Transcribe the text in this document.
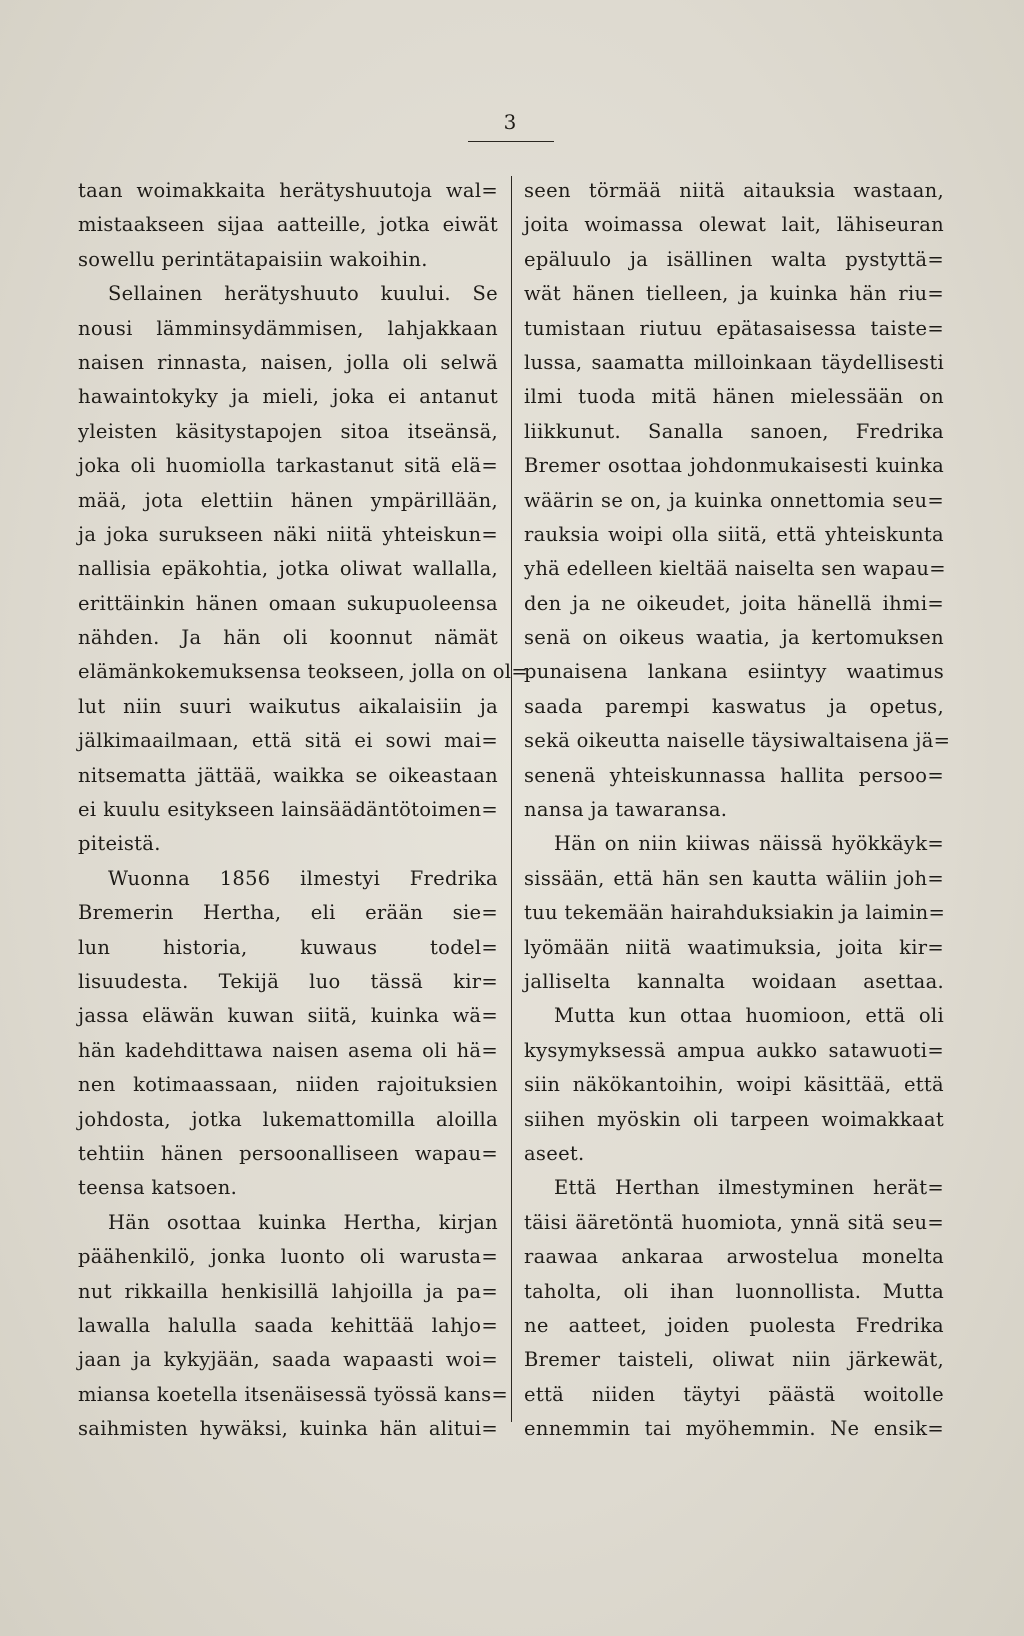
3
taan woimakkaita herätyshuutoja wal=
mistaakseen sijaa aatteille, jotka eiwät
sowellu perintätapaisiin wakoihin.
Sellainen herätyshuuto kuului. Se
nousi lämminsydämmisen, lahjakkaan
naisen rinnasta, naisen, jolla oli selwä
hawaintokyky ja mieli, joka ei antanut
yleisten käsitystapojen sitoa itseänsä,
joka oli huomiolla tarkastanut sitä elä=
mää, jota elettiin hänen ympärillään,
ja joka surukseen näki niitä yhteiskun=
nallisia epäkohtia, jotka oliwat wallalla,
erittäinkin hänen omaan sukupuoleensa
nähden. Ja hän oli koonnut nämät
elämänkokemuksensa teokseen, jolla on ol=
lut niin suuri waikutus aikalaisiin ja
jälkimaailmaan, että sitä ei sowi mai=
nitsematta jättää, waikka se oikeastaan
ei kuulu esitykseen lainsäädäntötoimen=
piteistä.
Wuonna 1856 ilmestyi Fredrika
Bremerin Hertha, eli erään sie=
lun historia, kuwaus todel=
lisuudesta. Tekijä luo tässä kir=
jassa eläwän kuwan siitä, kuinka wä=
hän kadehdittawa naisen asema oli hä=
nen kotimaassaan, niiden rajoituksien
johdosta, jotka lukemattomilla aloilla
tehtiin hänen persoonalliseen wapau=
teensa katsoen.
Hän osottaa kuinka Hertha, kirjan
päähenkilö, jonka luonto oli warusta=
nut rikkailla henkisillä lahjoilla ja pa=
lawalla halulla saada kehittää lahjo=
jaan ja kykyjään, saada wapaasti woi=
miansa koetella itsenäisessä työssä kans=
saihmisten hywäksi, kuinka hän alitui=
seen törmää niitä aitauksia wastaan,
joita woimassa olewat lait, lähiseuran
epäluulo ja isällinen walta pystyttä=
wät hänen tielleen, ja kuinka hän riu=
tumistaan riutuu epätasaisessa taiste=
lussa, saamatta milloinkaan täydellisesti
ilmi tuoda mitä hänen mielessään on
liikkunut. Sanalla sanoen, Fredrika
Bremer osottaa johdonmukaisesti kuinka
wäärin se on, ja kuinka onnettomia seu=
rauksia woipi olla siitä, että yhteiskunta
yhä edelleen kieltää naiselta sen wapau=
den ja ne oikeudet, joita hänellä ihmi=
senä on oikeus waatia, ja kertomuksen
punaisena lankana esiintyy waatimus
saada parempi kaswatus ja opetus,
sekä oikeutta naiselle täysiwaltaisena jä=
senenä yhteiskunnassa hallita persoo=
nansa ja tawaransa.
Hän on niin kiiwas näissä hyökkäyk=
sissään, että hän sen kautta wäliin joh=
tuu tekemään hairahduksiakin ja laimin=
lyömään niitä waatimuksia, joita kir=
jalliselta kannalta woidaan asettaa.
Mutta kun ottaa huomioon, että oli
kysymyksessä ampua aukko satawuoti=
siin näkökantoihin, woipi käsittää, että
siihen myöskin oli tarpeen woimakkaat
aseet.
Että Herthan ilmestyminen herät=
täisi ääretöntä huomiota, ynnä sitä seu=
raawaa ankaraa arwostelua monelta
taholta, oli ihan luonnollista. Mutta
ne aatteet, joiden puolesta Fredrika
Bremer taisteli, oliwat niin järkewät,
että niiden täytyi päästä woitolle
ennemmin tai myöhemmin. Ne ensik=
